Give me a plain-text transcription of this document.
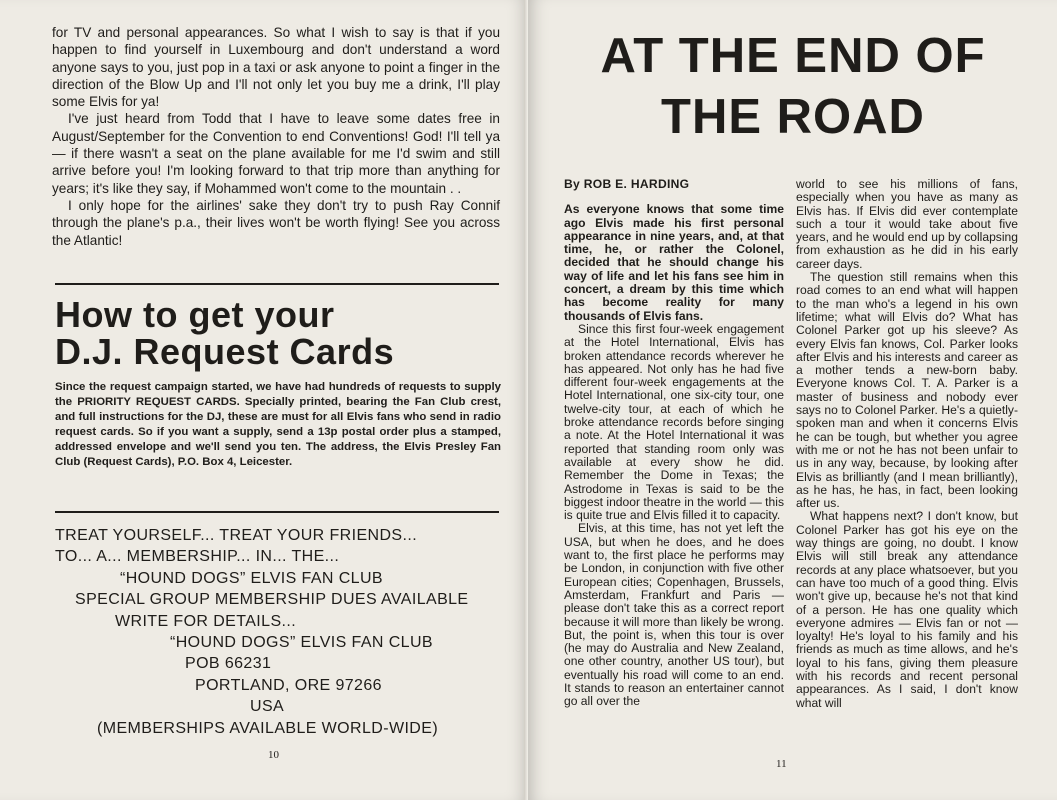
for TV and personal appearances. So what I wish to say is that if you happen to find yourself in Luxembourg and don't understand a word anyone says to you, just pop in a taxi or ask anyone to point a finger in the direction of the Blow Up and I'll not only let you buy me a drink, I'll play some Elvis for ya!

I've just heard from Todd that I have to leave some dates free in August/September for the Convention to end Conventions! God! I'll tell ya — if there wasn't a seat on the plane available for me I'd swim and still arrive before you! I'm looking forward to that trip more than anything for years; it's like they say, if Mohammed won't come to the mountain . .

I only hope for the airlines' sake they don't try to push Ray Connif through the plane's p.a., their lives won't be worth flying! See you across the Atlantic!

How to get your
D.J. Request Cards

Since the request campaign started, we have had hundreds of requests to supply the PRIORITY REQUEST CARDS. Specially printed, bearing the Fan Club crest, and full instructions for the DJ, these are must for all Elvis fans who send in radio request cards. So if you want a supply, send a 13p postal order plus a stamped, addressed envelope and we'll send you ten. The address, the Elvis Presley Fan Club (Request Cards), P.O. Box 4, Leicester.

TREAT YOURSELF... TREAT YOUR FRIENDS...
TO... A... MEMBERSHIP... IN... THE...
“HOUND DOGS” ELVIS FAN CLUB
SPECIAL GROUP MEMBERSHIP DUES AVAILABLE
WRITE FOR DETAILS...
“HOUND DOGS” ELVIS FAN CLUB
POB 66231
PORTLAND, ORE 97266
USA
(MEMBERSHIPS AVAILABLE WORLD-WIDE)
10
AT THE END OF
THE ROAD
By ROB E. HARDING

As everyone knows that some time ago Elvis made his first personal appearance in nine years, and, at that time, he, or rather the Colonel, decided that he should change his way of life and let his fans see him in concert, a dream by this time which has become reality for many thousands of Elvis fans.

Since this first four-week engagement at the Hotel International, Elvis has broken attendance records wherever he has appeared. Not only has he had five different four-week engagements at the Hotel International, one six-city tour, one twelve-city tour, at each of which he broke attendance records before singing a note. At the Hotel International it was reported that standing room only was available at every show he did. Remember the Dome in Texas; the Astrodome in Texas is said to be the biggest indoor theatre in the world — this is quite true and Elvis filled it to capacity.

Elvis, at this time, has not yet left the USA, but when he does, and he does want to, the first place he performs may be London, in conjunction with five other European cities; Copenhagen, Brussels, Amsterdam, Frankfurt and Paris — please don't take this as a correct report because it will more than likely be wrong. But, the point is, when this tour is over (he may do Australia and New Zealand, one other country, another US tour), but eventually his road will come to an end. It stands to reason an entertainer cannot go all over the

world to see his millions of fans, especially when you have as many as Elvis has. If Elvis did ever contemplate such a tour it would take about five years, and he would end up by collapsing from exhaustion as he did in his early career days.

The question still remains when this road comes to an end what will happen to the man who's a legend in his own lifetime; what will Elvis do? What has Colonel Parker got up his sleeve? As every Elvis fan knows, Col. Parker looks after Elvis and his interests and career as a mother tends a new-born baby. Everyone knows Col. T. A. Parker is a master of business and nobody ever says no to Colonel Parker. He's a quietly-spoken man and when it concerns Elvis he can be tough, but whether you agree with me or not he has not been unfair to us in any way, because, by looking after Elvis as brilliantly (and I mean brilliantly), as he has, he has, in fact, been looking after us.

What happens next? I don't know, but Colonel Parker has got his eye on the way things are going, no doubt. I know Elvis will still break any attendance records at any place whatsoever, but you can have too much of a good thing. Elvis won't give up, because he's not that kind of a person. He has one quality which everyone admires — Elvis fan or not — loyalty! He's loyal to his family and his friends as much as time allows, and he's loyal to his fans, giving them pleasure with his records and recent personal appearances. As I said, I don't know what will

11
